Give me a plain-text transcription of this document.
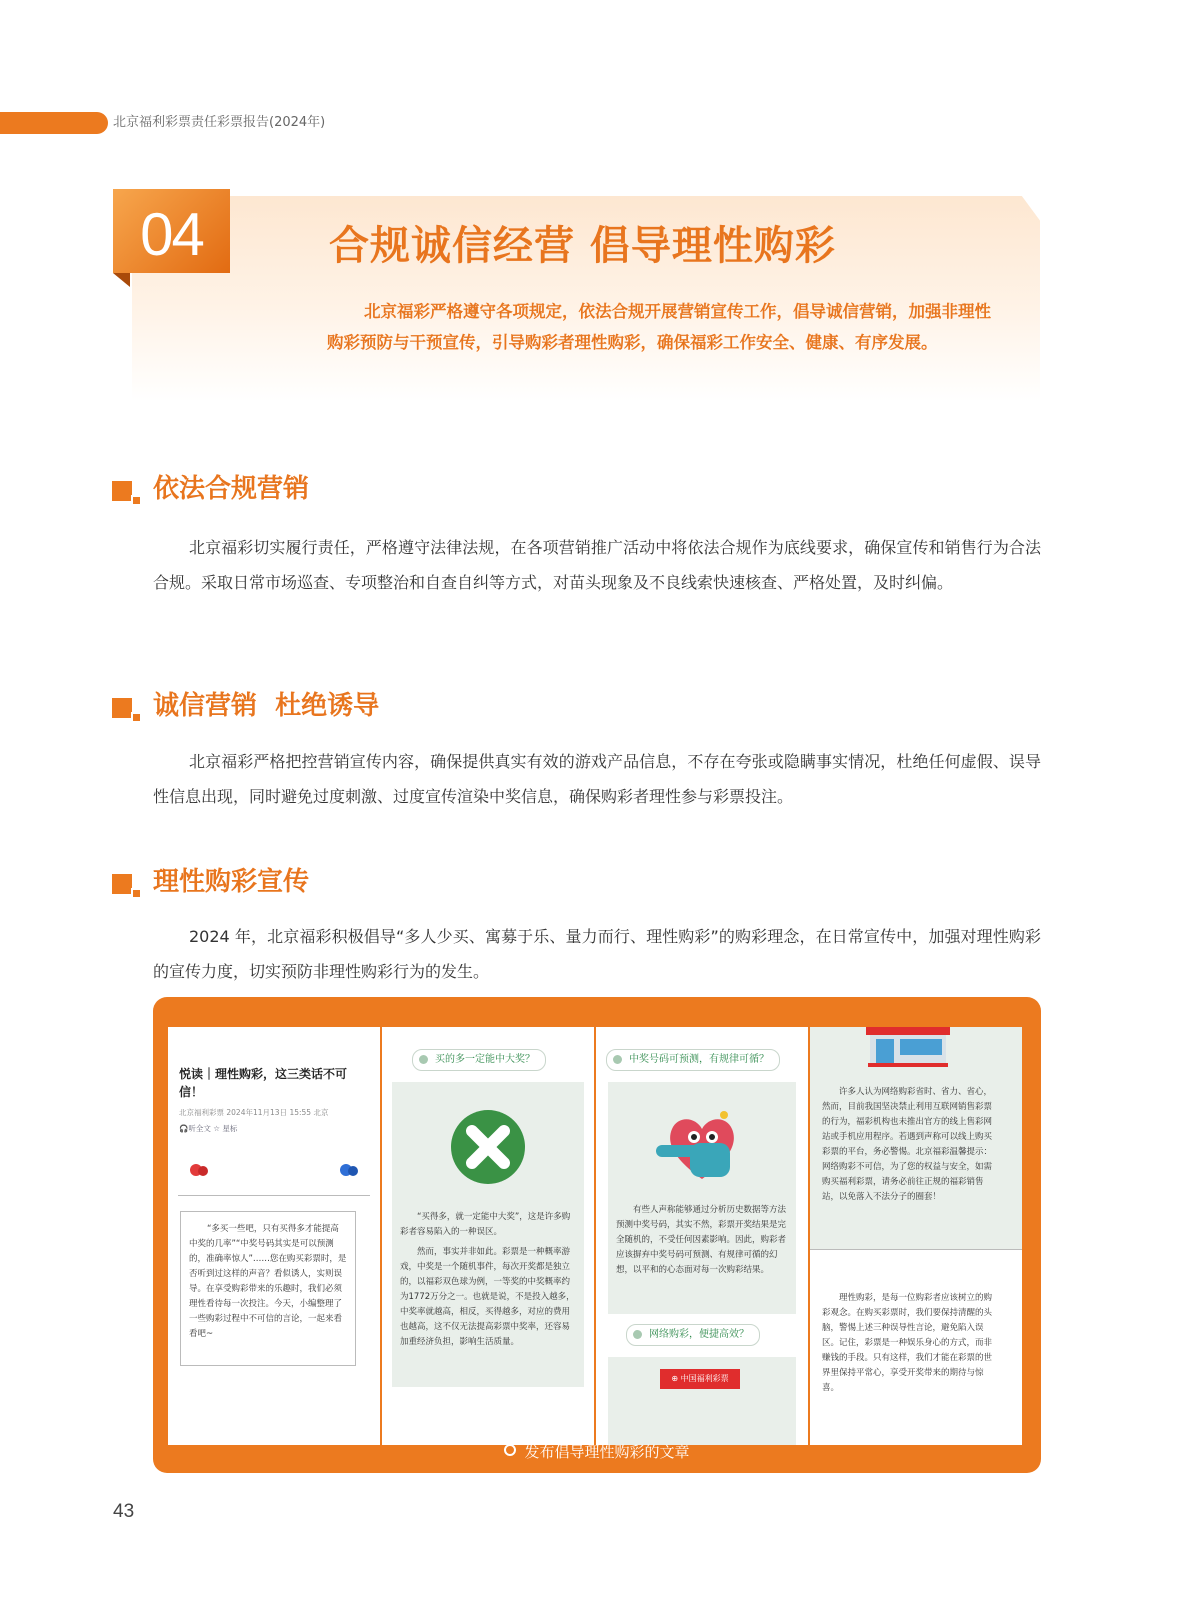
北京福利彩票责任彩票报告(2024年)
04	合规诚信经营 倡导理性购彩
北京福彩严格遵守各项规定，依法合规开展营销宣传工作，倡导诚信营销，加强非理性购彩预防与干预宣传，引导购彩者理性购彩，确保福彩工作安全、健康、有序发展。
依法合规营销
北京福彩切实履行责任，严格遵守法律法规，在各项营销推广活动中将依法合规作为底线要求，确保宣传和销售行为合法合规。采取日常市场巡查、专项整治和自查自纠等方式，对苗头现象及不良线索快速核查、严格处置，及时纠偏。
诚信营销  杜绝诱导
北京福彩严格把控营销宣传内容，确保提供真实有效的游戏产品信息，不存在夸张或隐瞒事实情况，杜绝任何虚假、误导性信息出现，同时避免过度刺激、过度宣传渲染中奖信息，确保购彩者理性参与彩票投注。
理性购彩宣传
2024 年，北京福彩积极倡导“多人少买、寓募于乐、量力而行、理性购彩”的购彩理念，在日常宣传中，加强对理性购彩的宣传力度，切实预防非理性购彩行为的发生。
悦读｜理性购彩，这三类话不可信！
北京福利彩票 2024年11月13日 15:55 北京
🎧听全文 ☆ 星标
“多买一些吧，只有买得多才能提高中奖的几率”“中奖号码其实是可以预测的，准确率惊人”……您在购买彩票时，是否听到过这样的声音？看似诱人，实则误导。在享受购彩带来的乐趣时，我们必须理性看待每一次投注。今天，小编整理了一些购彩过程中不可信的言论，一起来看看吧~
买的多一定能中大奖？
“买得多，就一定能中大奖”，这是许多购彩者容易陷入的一种误区。
然而，事实并非如此。彩票是一种概率游戏，中奖是一个随机事件，每次开奖都是独立的，以福彩双色球为例，一等奖的中奖概率约为1772万分之一。也就是说，不是投入越多，中奖率就越高，相反，买得越多，对应的费用也越高，这不仅无法提高彩票中奖率，还容易加重经济负担，影响生活质量。
中奖号码可预测，有规律可循？
有些人声称能够通过分析历史数据等方法预测中奖号码，其实不然，彩票开奖结果是完全随机的，不受任何因素影响。因此，购彩者应该摒弃中奖号码可预测、有规律可循的幻想，以平和的心态面对每一次购彩结果。
网络购彩，便捷高效？
⊕ 中国福利彩票
许多人认为网络购彩省时、省力、省心，然而，目前我国坚决禁止利用互联网销售彩票的行为，福彩机构也未推出官方的线上售彩网站或手机应用程序。若遇到声称可以线上购买彩票的平台，务必警惕。北京福彩温馨提示：网络购彩不可信，为了您的权益与安全，如需购买福利彩票，请务必前往正规的福彩销售站，以免落入不法分子的圈套！
理性购彩，是每一位购彩者应该树立的购彩观念。在购买彩票时，我们要保持清醒的头脑，警惕上述三种误导性言论，避免陷入误区。记住，彩票是一种娱乐身心的方式，而非赚钱的手段。只有这样，我们才能在彩票的世界里保持平常心，享受开奖带来的期待与惊喜。
发布倡导理性购彩的文章
43
